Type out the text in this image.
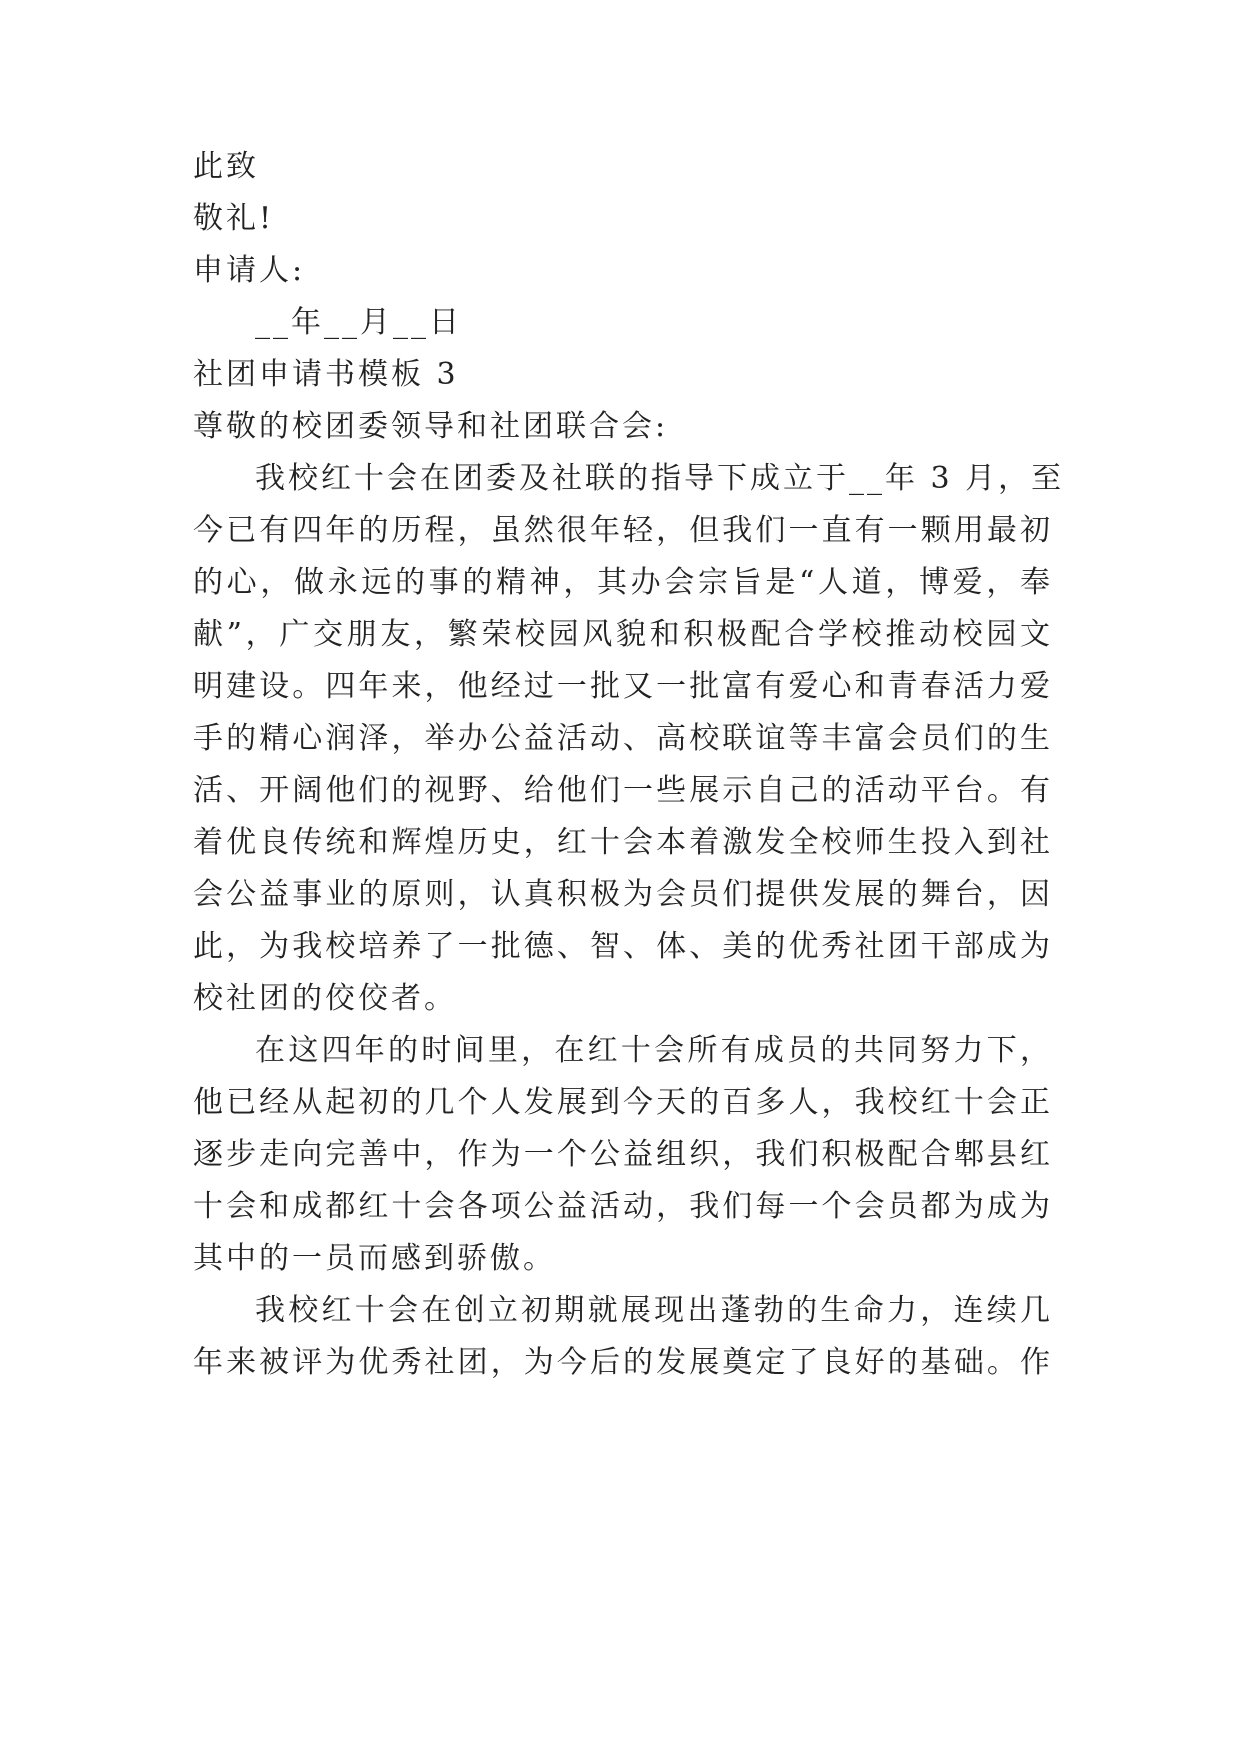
此致
敬礼!
申请人:
__年__月__日
社团申请书模板 3
尊敬的校团委领导和社团联合会:
我校红十会在团委及社联的指导下成立于__年 3 月，至
今已有四年的历程，虽然很年轻，但我们一直有一颗用最初
的心，做永远的事的精神，其办会宗旨是“人道，博爱，奉
献”，广交朋友，繁荣校园风貌和积极配合学校推动校园文
明建设。四年来，他经过一批又一批富有爱心和青春活力爱
手的精心润泽，举办公益活动、高校联谊等丰富会员们的生
活、开阔他们的视野、给他们一些展示自己的活动平台。有
着优良传统和辉煌历史，红十会本着激发全校师生投入到社
会公益事业的原则，认真积极为会员们提供发展的舞台，因
此，为我校培养了一批德、智、体、美的优秀社团干部成为
校社团的佼佼者。
在这四年的时间里，在红十会所有成员的共同努力下，
他已经从起初的几个人发展到今天的百多人，我校红十会正
逐步走向完善中，作为一个公益组织，我们积极配合郫县红
十会和成都红十会各项公益活动，我们每一个会员都为成为
其中的一员而感到骄傲。
我校红十会在创立初期就展现出蓬勃的生命力，连续几
年来被评为优秀社团，为今后的发展奠定了良好的基础。作
